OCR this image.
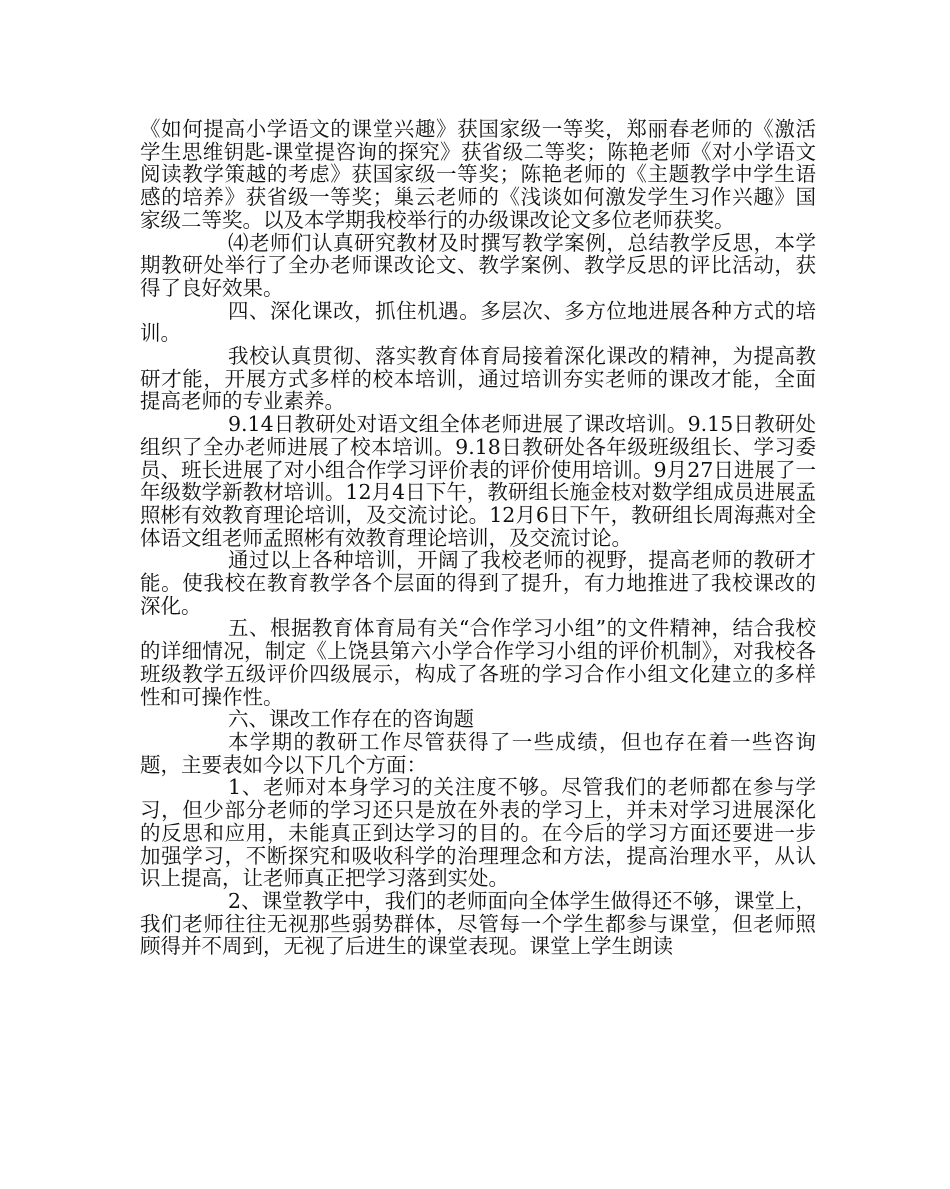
《如何提高小学语文的课堂兴趣》获国家级一等奖，郑丽春老师的《激活学生思维钥匙-课堂提咨询的探究》获省级二等奖；陈艳老师《对小学语文阅读教学策越的考虑》获国家级一等奖；陈艳老师的《主题教学中学生语感的培养》获省级一等奖；巢云老师的《浅谈如何激发学生习作兴趣》国家级二等奖。以及本学期我校举行的办级课改论文多位老师获奖。

⑷老师们认真研究教材及时撰写教学案例，总结教学反思，本学期教研处举行了全办老师课改论文、教学案例、教学反思的评比活动，获得了良好效果。

四、深化课改，抓住机遇。多层次、多方位地进展各种方式的培训。

我校认真贯彻、落实教育体育局接着深化课改的精神，为提高教研才能，开展方式多样的校本培训，通过培训夯实老师的课改才能，全面提高老师的专业素养。

9.14日教研处对语文组全体老师进展了课改培训。9.15日教研处组织了全办老师进展了校本培训。9.18日教研处各年级班级组长、学习委员、班长进展了对小组合作学习评价表的评价使用培训。9月27日进展了一年级数学新教材培训。12月4日下午，教研组长施金枝对数学组成员进展孟照彬有效教育理论培训，及交流讨论。12月6日下午，教研组长周海燕对全体语文组老师孟照彬有效教育理论培训，及交流讨论。

通过以上各种培训，开阔了我校老师的视野，提高老师的教研才能。使我校在教育教学各个层面的得到了提升，有力地推进了我校课改的深化。

五、根据教育体育局有关“合作学习小组”的文件精神，结合我校的详细情况，制定《上饶县第六小学合作学习小组的评价机制》，对我校各班级教学五级评价四级展示，构成了各班的学习合作小组文化建立的多样性和可操作性。

六、课改工作存在的咨询题

本学期的教研工作尽管获得了一些成绩，但也存在着一些咨询题，主要表如今以下几个方面：

1、老师对本身学习的关注度不够。尽管我们的老师都在参与学习，但少部分老师的学习还只是放在外表的学习上，并未对学习进展深化的反思和应用，未能真正到达学习的目的。在今后的学习方面还要进一步加强学习，不断探究和吸收科学的治理理念和方法，提高治理水平，从认识上提高，让老师真正把学习落到实处。

2、课堂教学中，我们的老师面向全体学生做得还不够，课堂上，我们老师往往无视那些弱势群体，尽管每一个学生都参与课堂，但老师照顾得并不周到，无视了后进生的课堂表现。课堂上学生朗读
